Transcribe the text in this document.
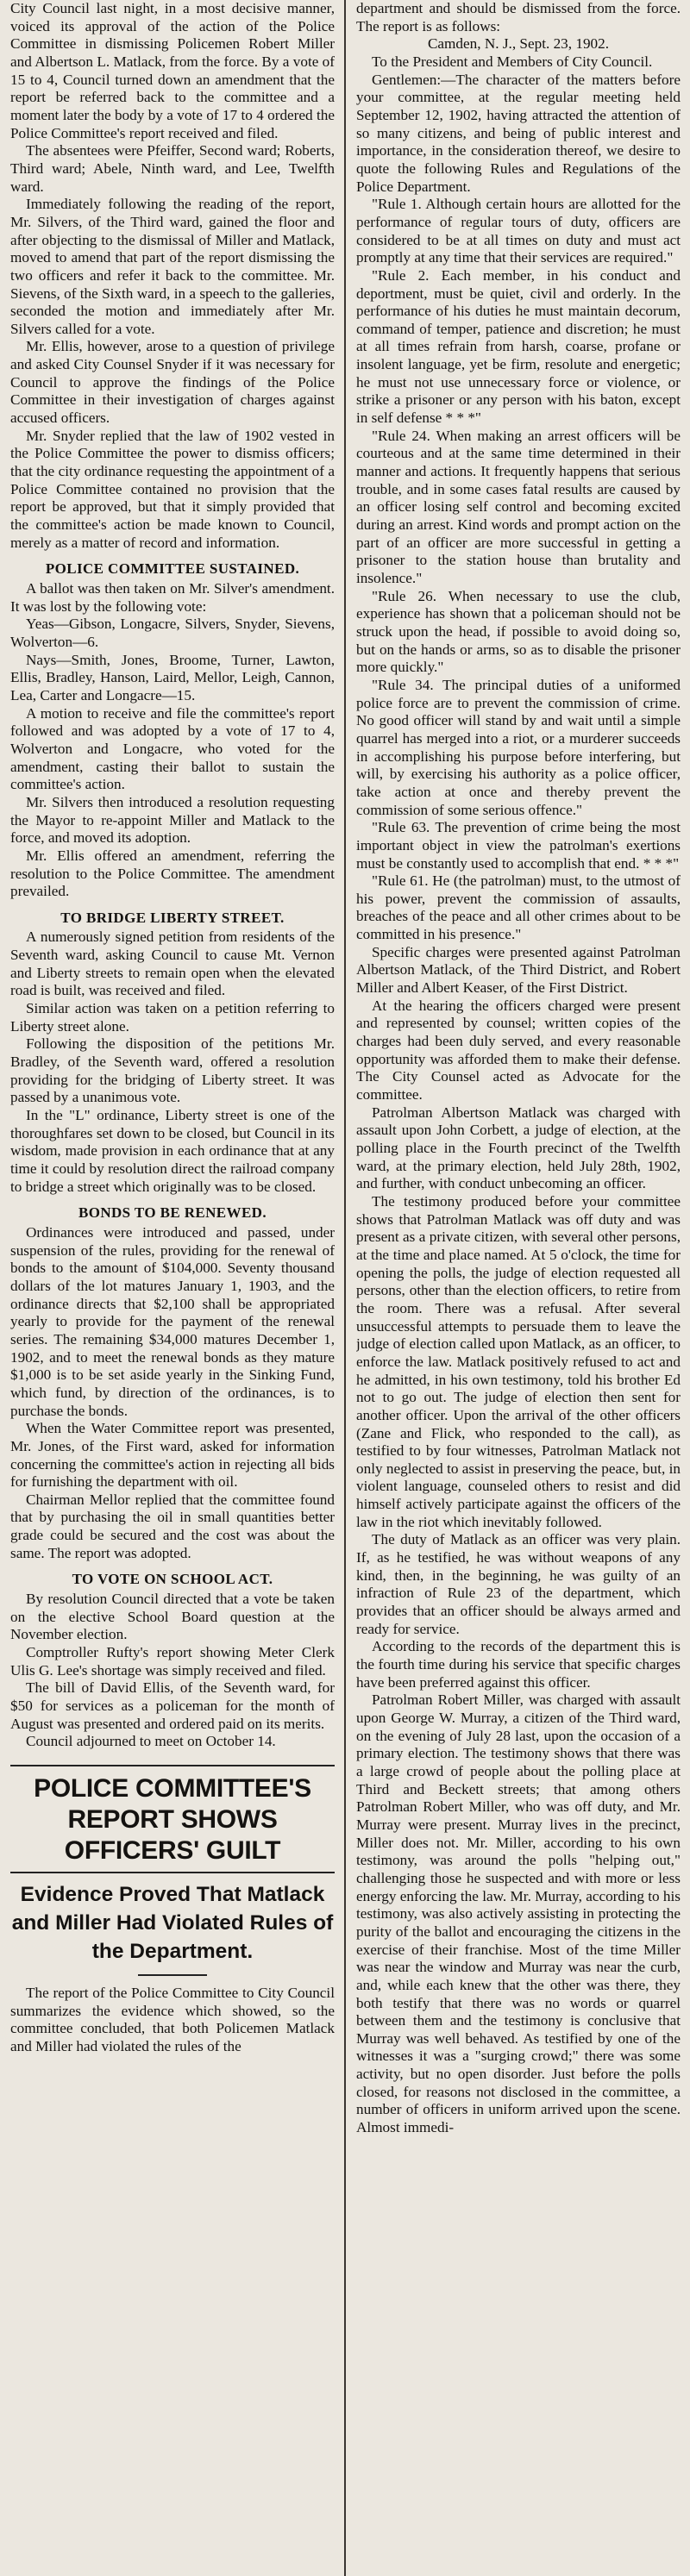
City Council last night, in a most decisive manner, voiced its approval of the action of the Police Committee in dismissing Policemen Robert Miller and Albertson L. Matlack, from the force. By a vote of 15 to 4, Council turned down an amendment that the report be referred back to the committee and a moment later the body by a vote of 17 to 4 ordered the Police Committee's report received and filed.

The absentees were Pfeiffer, Second ward; Roberts, Third ward; Abele, Ninth ward, and Lee, Twelfth ward.

Immediately following the reading of the report, Mr. Silvers, of the Third ward, gained the floor and after objecting to the dismissal of Miller and Matlack, moved to amend that part of the report dismissing the two officers and refer it back to the committee. Mr. Sievens, of the Sixth ward, in a speech to the galleries, seconded the motion and immediately after Mr. Silvers called for a vote.

Mr. Ellis, however, arose to a question of privilege and asked City Counsel Snyder if it was necessary for Council to approve the findings of the Police Committee in their investigation of charges against accused officers.

Mr. Snyder replied that the law of 1902 vested in the Police Committee the power to dismiss officers; that the city ordinance requesting the appointment of a Police Committee contained no provision that the report be approved, but that it simply provided that the committee's action be made known to Council, merely as a matter of record and information.

POLICE COMMITTEE SUSTAINED.

A ballot was then taken on Mr. Silver's amendment. It was lost by the following vote:

Yeas—Gibson, Longacre, Silvers, Snyder, Sievens, Wolverton—6.

Nays—Smith, Jones, Broome, Turner, Lawton, Ellis, Bradley, Hanson, Laird, Mellor, Leigh, Cannon, Lea, Carter and Longacre—15.

A motion to receive and file the committee's report followed and was adopted by a vote of 17 to 4, Wolverton and Longacre, who voted for the amendment, casting their ballot to sustain the committee's action.

Mr. Silvers then introduced a resolution requesting the Mayor to re-appoint Miller and Matlack to the force, and moved its adoption.

Mr. Ellis offered an amendment, referring the resolution to the Police Committee. The amendment prevailed.

TO BRIDGE LIBERTY STREET.

A numerously signed petition from residents of the Seventh ward, asking Council to cause Mt. Vernon and Liberty streets to remain open when the elevated road is built, was received and filed.

Similar action was taken on a petition referring to Liberty street alone.

Following the disposition of the petitions Mr. Bradley, of the Seventh ward, offered a resolution providing for the bridging of Liberty street. It was passed by a unanimous vote.

In the "L" ordinance, Liberty street is one of the thoroughfares set down to be closed, but Council in its wisdom, made provision in each ordinance that at any time it could by resolution direct the railroad company to bridge a street which originally was to be closed.

BONDS TO BE RENEWED.

Ordinances were introduced and passed, under suspension of the rules, providing for the renewal of bonds to the amount of $104,000. Seventy thousand dollars of the lot matures January 1, 1903, and the ordinance directs that $2,100 shall be appropriated yearly to provide for the payment of the renewal series. The remaining $34,000 matures December 1, 1902, and to meet the renewal bonds as they mature $1,000 is to be set aside yearly in the Sinking Fund, which fund, by direction of the ordinances, is to purchase the bonds.

When the Water Committee report was presented, Mr. Jones, of the First ward, asked for information concerning the committee's action in rejecting all bids for furnishing the department with oil.

Chairman Mellor replied that the committee found that by purchasing the oil in small quantities better grade could be secured and the cost was about the same. The report was adopted.

TO VOTE ON SCHOOL ACT.

By resolution Council directed that a vote be taken on the elective School Board question at the November election.

Comptroller Rufty's report showing Meter Clerk Ulis G. Lee's shortage was simply received and filed.

The bill of David Ellis, of the Seventh ward, for $50 for services as a policeman for the month of August was presented and ordered paid on its merits.

Council adjourned to meet on October 14.

POLICE COMMITTEE'S REPORT SHOWS OFFICERS' GUILT

Evidence Proved That Matlack and Miller Had Violated Rules of the Department.

The report of the Police Committee to City Council summarizes the evidence which showed, so the committee concluded, that both Policemen Matlack and Miller had violated the rules of the

department and should be dismissed from the force. The report is as follows:

Camden, N. J., Sept. 23, 1902.

To the President and Members of City Council.

Gentlemen:—The character of the matters before your committee, at the regular meeting held September 12, 1902, having attracted the attention of so many citizens, and being of public interest and importance, in the consideration thereof, we desire to quote the following Rules and Regulations of the Police Department.

"Rule 1. Although certain hours are allotted for the performance of regular tours of duty, officers are considered to be at all times on duty and must act promptly at any time that their services are required."

"Rule 2. Each member, in his conduct and deportment, must be quiet, civil and orderly. In the performance of his duties he must maintain decorum, command of temper, patience and discretion; he must at all times refrain from harsh, coarse, profane or insolent language, yet be firm, resolute and energetic; he must not use unnecessary force or violence, or strike a prisoner or any person with his baton, except in self defense * * *"

"Rule 24. When making an arrest officers will be courteous and at the same time determined in their manner and actions. It frequently happens that serious trouble, and in some cases fatal results are caused by an officer losing self control and becoming excited during an arrest. Kind words and prompt action on the part of an officer are more successful in getting a prisoner to the station house than brutality and insolence."

"Rule 26. When necessary to use the club, experience has shown that a policeman should not be struck upon the head, if possible to avoid doing so, but on the hands or arms, so as to disable the prisoner more quickly."

"Rule 34. The principal duties of a uniformed police force are to prevent the commission of crime. No good officer will stand by and wait until a simple quarrel has merged into a riot, or a murderer succeeds in accomplishing his purpose before interfering, but will, by exercising his authority as a police officer, take action at once and thereby prevent the commission of some serious offence."

"Rule 63. The prevention of crime being the most important object in view the patrolman's exertions must be constantly used to accomplish that end. * * *"

"Rule 61. He (the patrolman) must, to the utmost of his power, prevent the commission of assaults, breaches of the peace and all other crimes about to be committed in his presence."

Specific charges were presented against Patrolman Albertson Matlack, of the Third District, and Robert Miller and Albert Keaser, of the First District.

At the hearing the officers charged were present and represented by counsel; written copies of the charges had been duly served, and every reasonable opportunity was afforded them to make their defense. The City Counsel acted as Advocate for the committee.

Patrolman Albertson Matlack was charged with assault upon John Corbett, a judge of election, at the polling place in the Fourth precinct of the Twelfth ward, at the primary election, held July 28th, 1902, and further, with conduct unbecoming an officer.

The testimony produced before your committee shows that Patrolman Matlack was off duty and was present as a private citizen, with several other persons, at the time and place named. At 5 o'clock, the time for opening the polls, the judge of election requested all persons, other than the election officers, to retire from the room. There was a refusal. After several unsuccessful attempts to persuade them to leave the judge of election called upon Matlack, as an officer, to enforce the law. Matlack positively refused to act and he admitted, in his own testimony, told his brother Ed not to go out. The judge of election then sent for another officer. Upon the arrival of the other officers (Zane and Flick, who responded to the call), as testified to by four witnesses, Patrolman Matlack not only neglected to assist in preserving the peace, but, in violent language, counseled others to resist and did himself actively participate against the officers of the law in the riot which inevitably followed.

The duty of Matlack as an officer was very plain. If, as he testified, he was without weapons of any kind, then, in the beginning, he was guilty of an infraction of Rule 23 of the department, which provides that an officer should be always armed and ready for service.

According to the records of the department this is the fourth time during his service that specific charges have been preferred against this officer.

Patrolman Robert Miller, was charged with assault upon George W. Murray, a citizen of the Third ward, on the evening of July 28 last, upon the occasion of a primary election. The testimony shows that there was a large crowd of people about the polling place at Third and Beckett streets; that among others Patrolman Robert Miller, who was off duty, and Mr. Murray were present. Murray lives in the precinct, Miller does not. Mr. Miller, according to his own testimony, was around the polls "helping out," challenging those he suspected and with more or less energy enforcing the law. Mr. Murray, according to his testimony, was also actively assisting in protecting the purity of the ballot and encouraging the citizens in the exercise of their franchise. Most of the time Miller was near the window and Murray was near the curb, and, while each knew that the other was there, they both testify that there was no words or quarrel between them and the testimony is conclusive that Murray was well behaved. As testified by one of the witnesses it was a "surging crowd;" there was some activity, but no open disorder. Just before the polls closed, for reasons not disclosed in the committee, a number of officers in uniform arrived upon the scene. Almost immedi-
